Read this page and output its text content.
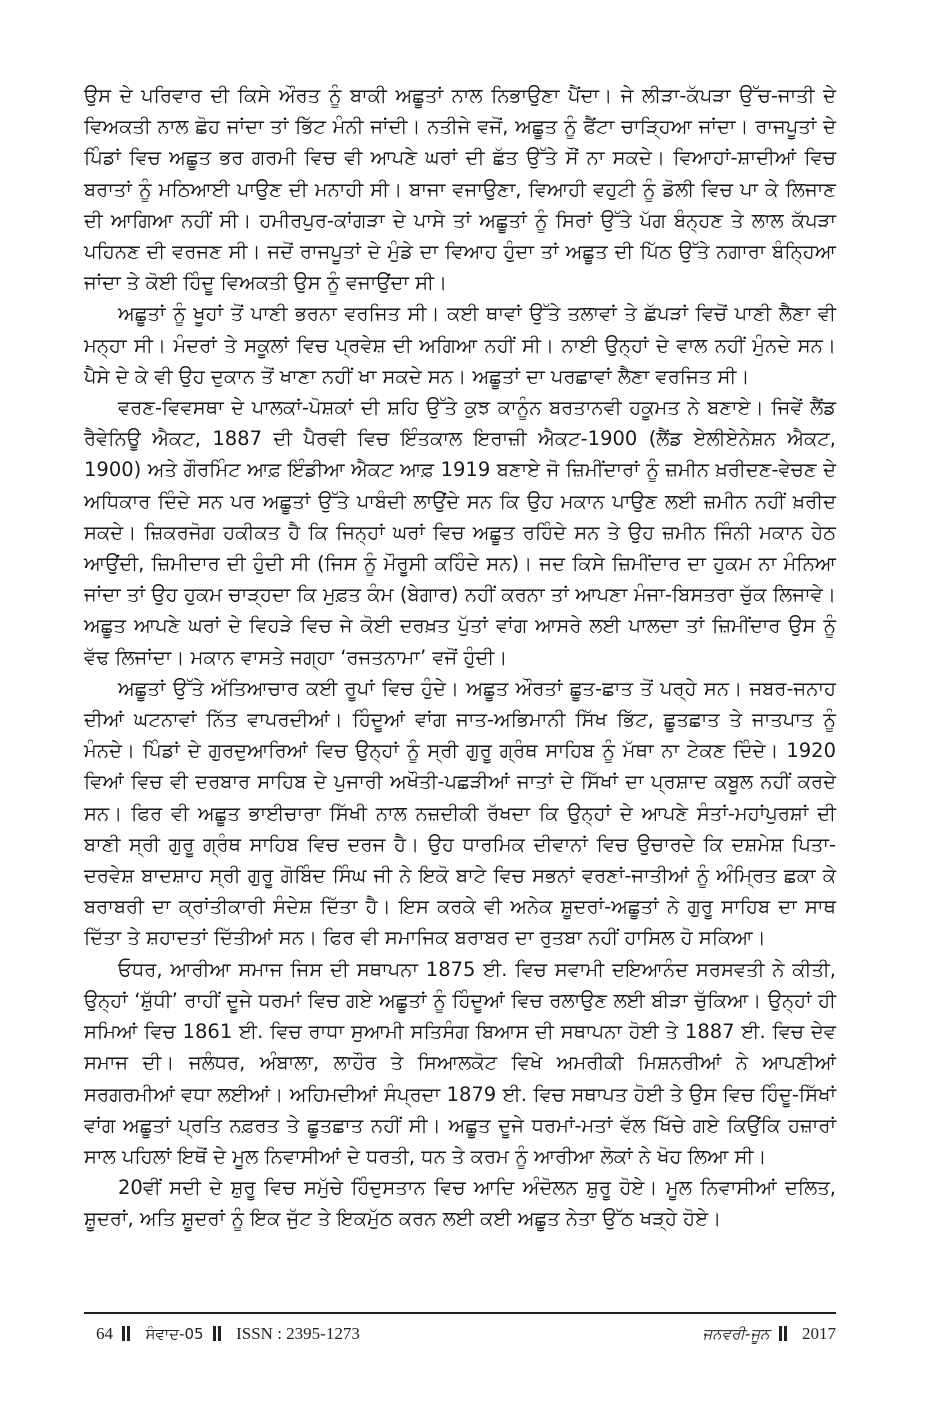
ਉਸ ਦੇ ਪਰਿਵਾਰ ਦੀ ਕਿਸੇ ਔਰਤ ਨੂੰ ਬਾਕੀ ਅਛੂਤਾਂ ਨਾਲ ਨਿਭਾਉਣਾ ਪੈਂਦਾ। ਜੇ ਲੀੜਾ-ਕੱਪੜਾ ਉੱਚ-ਜਾਤੀ ਦੇ ਵਿਅਕਤੀ ਨਾਲ ਛੋਹ ਜਾਂਦਾ ਤਾਂ ਭਿੱਟ ਮੰਨੀ ਜਾਂਦੀ। ਨਤੀਜੇ ਵਜੋਂ, ਅਛੂਤ ਨੂੰ ਫੈਂਟਾ ਚਾੜ੍ਹਿਆ ਜਾਂਦਾ। ਰਾਜਪੂਤਾਂ ਦੇ ਪਿੰਡਾਂ ਵਿਚ ਅਛੂਤ ਭਰ ਗਰਮੀ ਵਿਚ ਵੀ ਆਪਣੇ ਘਰਾਂ ਦੀ ਛੱਤ ਉੱਤੇ ਸੌਂ ਨਾ ਸਕਦੇ। ਵਿਆਹਾਂ-ਸ਼ਾਦੀਆਂ ਵਿਚ ਬਰਾਤਾਂ ਨੂੰ ਮਠਿਆਈ ਪਾਉਣ ਦੀ ਮਨਾਹੀ ਸੀ। ਬਾਜਾ ਵਜਾਉਣਾ, ਵਿਆਹੀ ਵਹੁਟੀ ਨੂੰ ਡੋਲੀ ਵਿਚ ਪਾ ਕੇ ਲਿਜਾਣ ਦੀ ਆਗਿਆ ਨਹੀਂ ਸੀ। ਹਮੀਰਪੁਰ-ਕਾਂਗੜਾ ਦੇ ਪਾਸੇ ਤਾਂ ਅਛੂਤਾਂ ਨੂੰ ਸਿਰਾਂ ਉੱਤੇ ਪੱਗ ਬੰਨ੍ਹਣ ਤੇ ਲਾਲ ਕੱਪੜਾ ਪਹਿਨਣ ਦੀ ਵਰਜਣ ਸੀ। ਜਦੋਂ ਰਾਜਪੂਤਾਂ ਦੇ ਮੁੰਡੇ ਦਾ ਵਿਆਹ ਹੁੰਦਾ ਤਾਂ ਅਛੂਤ ਦੀ ਪਿੱਠ ਉੱਤੇ ਨਗਾਰਾ ਬੰਨ੍ਹਿਆ ਜਾਂਦਾ ਤੇ ਕੋਈ ਹਿੰਦੂ ਵਿਅਕਤੀ ਉਸ ਨੂੰ ਵਜਾਉਂਦਾ ਸੀ।

ਅਛੂਤਾਂ ਨੂੰ ਖੂਹਾਂ ਤੋਂ ਪਾਣੀ ਭਰਨਾ ਵਰਜਿਤ ਸੀ। ਕਈ ਥਾਵਾਂ ਉੱਤੇ ਤਲਾਵਾਂ ਤੇ ਛੱਪੜਾਂ ਵਿਚੋਂ ਪਾਣੀ ਲੈਣਾ ਵੀ ਮਨ੍ਹਾ ਸੀ। ਮੰਦਰਾਂ ਤੇ ਸਕੂਲਾਂ ਵਿਚ ਪ੍ਰਵੇਸ਼ ਦੀ ਅਗਿਆ ਨਹੀਂ ਸੀ। ਨਾਈ ਉਨ੍ਹਾਂ ਦੇ ਵਾਲ ਨਹੀਂ ਮੁੰਨਦੇ ਸਨ। ਪੈਸੇ ਦੇ ਕੇ ਵੀ ਉਹ ਦੁਕਾਨ ਤੋਂ ਖਾਣਾ ਨਹੀਂ ਖਾ ਸਕਦੇ ਸਨ। ਅਛੂਤਾਂ ਦਾ ਪਰਛਾਵਾਂ ਲੈਣਾ ਵਰਜਿਤ ਸੀ।

ਵਰਣ-ਵਿਵਸਥਾ ਦੇ ਪਾਲਕਾਂ-ਪੋਸ਼ਕਾਂ ਦੀ ਸ਼ਹਿ ਉੱਤੇ ਕੁਝ ਕਾਨੂੰਨ ਬਰਤਾਨਵੀ ਹਕੂਮਤ ਨੇ ਬਣਾਏ। ਜਿਵੇਂ ਲੈਂਡ ਰੈਵੇਨਿਊ ਐਕਟ, 1887 ਦੀ ਪੈਰਵੀ ਵਿਚ ਇੰਤਕਾਲ ਇਰਾਜ਼ੀ ਐਕਟ-1900 (ਲੈਂਡ ਏਲੀਏਨੇਸ਼ਨ ਐਕਟ, 1900) ਅਤੇ ਗੌਰਮਿੰਟ ਆਫ਼ ਇੰਡੀਆ ਐਕਟ ਆਫ਼ 1919 ਬਣਾਏ ਜੋ ਜ਼ਿਮੀਂਦਾਰਾਂ ਨੂੰ ਜ਼ਮੀਨ ਖ਼ਰੀਦਣ-ਵੇਚਣ ਦੇ ਅਧਿਕਾਰ ਦਿੰਦੇ ਸਨ ਪਰ ਅਛੂਤਾਂ ਉੱਤੇ ਪਾਬੰਦੀ ਲਾਉਂਦੇ ਸਨ ਕਿ ਉਹ ਮਕਾਨ ਪਾਉਣ ਲਈ ਜ਼ਮੀਨ ਨਹੀਂ ਖ਼ਰੀਦ ਸਕਦੇ। ਜ਼ਿਕਰਜੋਗ ਹਕੀਕਤ ਹੈ ਕਿ ਜਿਨ੍ਹਾਂ ਘਰਾਂ ਵਿਚ ਅਛੂਤ ਰਹਿੰਦੇ ਸਨ ਤੇ ਉਹ ਜ਼ਮੀਨ ਜਿੰਨੀ ਮਕਾਨ ਹੇਠ ਆਉਂਦੀ, ਜ਼ਿਮੀਦਾਰ ਦੀ ਹੁੰਦੀ ਸੀ (ਜਿਸ ਨੂੰ ਮੌਰੂਸੀ ਕਹਿੰਦੇ ਸਨ)। ਜਦ ਕਿਸੇ ਜ਼ਿਮੀਂਦਾਰ ਦਾ ਹੁਕਮ ਨਾ ਮੰਨਿਆ ਜਾਂਦਾ ਤਾਂ ਉਹ ਹੁਕਮ ਚਾੜ੍ਹਦਾ ਕਿ ਮੁਫ਼ਤ ਕੰਮ (ਬੇਗਾਰ) ਨਹੀਂ ਕਰਨਾ ਤਾਂ ਆਪਣਾ ਮੰਜਾ-ਬਿਸਤਰਾ ਚੁੱਕ ਲਿਜਾਵੇ। ਅਛੂਤ ਆਪਣੇ ਘਰਾਂ ਦੇ ਵਿਹੜੇ ਵਿਚ ਜੇ ਕੋਈ ਦਰਖ਼ਤ ਪੁੱਤਾਂ ਵਾਂਗ ਆਸਰੇ ਲਈ ਪਾਲਦਾ ਤਾਂ ਜ਼ਿਮੀਂਦਾਰ ਉਸ ਨੂੰ ਵੱਢ ਲਿਜਾਂਦਾ। ਮਕਾਨ ਵਾਸਤੇ ਜਗ੍ਹਾ ‘ਰਜਤਨਾਮਾ’ ਵਜੋਂ ਹੁੰਦੀ।

ਅਛੂਤਾਂ ਉੱਤੇ ਅੱਤਿਆਚਾਰ ਕਈ ਰੂਪਾਂ ਵਿਚ ਹੁੰਦੇ। ਅਛੂਤ ਔਰਤਾਂ ਛੂਤ-ਛਾਤ ਤੋਂ ਪਰ੍ਹੇ ਸਨ। ਜਬਰ-ਜਨਾਹ ਦੀਆਂ ਘਟਨਾਵਾਂ ਨਿੱਤ ਵਾਪਰਦੀਆਂ। ਹਿੰਦੂਆਂ ਵਾਂਗ ਜਾਤ-ਅਭਿਮਾਨੀ ਸਿੱਖ ਭਿੱਟ, ਛੂਤਛਾਤ ਤੇ ਜਾਤਪਾਤ ਨੂੰ ਮੰਨਦੇ। ਪਿੰਡਾਂ ਦੇ ਗੁਰਦੁਆਰਿਆਂ ਵਿਚ ਉਨ੍ਹਾਂ ਨੂੰ ਸ੍ਰੀ ਗੁਰੂ ਗ੍ਰੰਥ ਸਾਹਿਬ ਨੂੰ ਮੱਥਾ ਨਾ ਟੇਕਣ ਦਿੰਦੇ। 1920 ਵਿਆਂ ਵਿਚ ਵੀ ਦਰਬਾਰ ਸਾਹਿਬ ਦੇ ਪੁਜਾਰੀ ਅਖੌਤੀ-ਪਛੜੀਆਂ ਜਾਤਾਂ ਦੇ ਸਿੱਖਾਂ ਦਾ ਪ੍ਰਸ਼ਾਦ ਕਬੂਲ ਨਹੀਂ ਕਰਦੇ ਸਨ। ਫਿਰ ਵੀ ਅਛੂਤ ਭਾਈਚਾਰਾ ਸਿੱਖੀ ਨਾਲ ਨਜ਼ਦੀਕੀ ਰੱਖਦਾ ਕਿ ਉਨ੍ਹਾਂ ਦੇ ਆਪਣੇ ਸੰਤਾਂ-ਮਹਾਂਪੁਰਸ਼ਾਂ ਦੀ ਬਾਣੀ ਸ੍ਰੀ ਗੁਰੂ ਗ੍ਰੰਥ ਸਾਹਿਬ ਵਿਚ ਦਰਜ ਹੈ। ਉਹ ਧਾਰਮਿਕ ਦੀਵਾਨਾਂ ਵਿਚ ਉਚਾਰਦੇ ਕਿ ਦਸ਼ਮੇਸ਼ ਪਿਤਾ-ਦਰਵੇਸ਼ ਬਾਦਸ਼ਾਹ ਸ੍ਰੀ ਗੁਰੂ ਗੋਬਿੰਦ ਸਿੰਘ ਜੀ ਨੇ ਇਕੋ ਬਾਟੇ ਵਿਚ ਸਭਨਾਂ ਵਰਣਾਂ-ਜਾਤੀਆਂ ਨੂੰ ਅੰਮ੍ਰਿਤ ਛਕਾ ਕੇ ਬਰਾਬਰੀ ਦਾ ਕ੍ਰਾਂਤੀਕਾਰੀ ਸੰਦੇਸ਼ ਦਿੱਤਾ ਹੈ। ਇਸ ਕਰਕੇ ਵੀ ਅਨੇਕ ਸ਼ੂਦਰਾਂ-ਅਛੂਤਾਂ ਨੇ ਗੁਰੂ ਸਾਹਿਬ ਦਾ ਸਾਥ ਦਿੱਤਾ ਤੇ ਸ਼ਹਾਦਤਾਂ ਦਿੱਤੀਆਂ ਸਨ। ਫਿਰ ਵੀ ਸਮਾਜਿਕ ਬਰਾਬਰ ਦਾ ਰੁਤਬਾ ਨਹੀਂ ਹਾਸਿਲ ਹੋ ਸਕਿਆ।

ਓਧਰ, ਆਰੀਆ ਸਮਾਜ ਜਿਸ ਦੀ ਸਥਾਪਨਾ 1875 ਈ. ਵਿਚ ਸਵਾਮੀ ਦਇਆਨੰਦ ਸਰਸਵਤੀ ਨੇ ਕੀਤੀ, ਉਨ੍ਹਾਂ ‘ਸ਼ੁੱਧੀ’ ਰਾਹੀਂ ਦੂਜੇ ਧਰਮਾਂ ਵਿਚ ਗਏ ਅਛੂਤਾਂ ਨੂੰ ਹਿੰਦੂਆਂ ਵਿਚ ਰਲਾਉਣ ਲਈ ਬੀੜਾ ਚੁੱਕਿਆ। ਉਨ੍ਹਾਂ ਹੀ ਸਮਿਆਂ ਵਿਚ 1861 ਈ. ਵਿਚ ਰਾਧਾ ਸੁਆਮੀ ਸਤਿਸੰਗ ਬਿਆਸ ਦੀ ਸਥਾਪਨਾ ਹੋਈ ਤੇ 1887 ਈ. ਵਿਚ ਦੇਵ ਸਮਾਜ ਦੀ। ਜਲੰਧਰ, ਅੰਬਾਲਾ, ਲਾਹੌਰ ਤੇ ਸਿਆਲਕੋਟ ਵਿਖੇ ਅਮਰੀਕੀ ਮਿਸ਼ਨਰੀਆਂ ਨੇ ਆਪਣੀਆਂ ਸਰਗਰਮੀਆਂ ਵਧਾ ਲਈਆਂ। ਅਹਿਮਦੀਆਂ ਸੰਪ੍ਰਦਾ 1879 ਈ. ਵਿਚ ਸਥਾਪਤ ਹੋਈ ਤੇ ਉਸ ਵਿਚ ਹਿੰਦੂ-ਸਿੱਖਾਂ ਵਾਂਗ ਅਛੂਤਾਂ ਪ੍ਰਤਿ ਨਫ਼ਰਤ ਤੇ ਛੂਤਛਾਤ ਨਹੀਂ ਸੀ। ਅਛੂਤ ਦੂਜੇ ਧਰਮਾਂ-ਮਤਾਂ ਵੱਲ ਖਿੱਚੇ ਗਏ ਕਿਉਂਕਿ ਹਜ਼ਾਰਾਂ ਸਾਲ ਪਹਿਲਾਂ ਇਥੋਂ ਦੇ ਮੂਲ ਨਿਵਾਸੀਆਂ ਦੇ ਧਰਤੀ, ਧਨ ਤੇ ਕਰਮ ਨੂੰ ਆਰੀਆ ਲੋਕਾਂ ਨੇ ਖੋਹ ਲਿਆ ਸੀ।

20ਵੀਂ ਸਦੀ ਦੇ ਸ਼ੁਰੂ ਵਿਚ ਸਮੁੱਚੇ ਹਿੰਦੁਸਤਾਨ ਵਿਚ ਆਦਿ ਅੰਦੋਲਨ ਸ਼ੁਰੂ ਹੋਏ। ਮੂਲ ਨਿਵਾਸੀਆਂ ਦਲਿਤ, ਸ਼ੂਦਰਾਂ, ਅਤਿ ਸ਼ੂਦਰਾਂ ਨੂੰ ਇਕ ਜੁੱਟ ਤੇ ਇਕਮੁੱਠ ਕਰਨ ਲਈ ਕਈ ਅਛੂਤ ਨੇਤਾ ਉੱਠ ਖੜ੍ਹੇ ਹੋਏ।

64 ਸੰਵਾਦ-05 ISSN : 2395-1273	ਜਨਵਰੀ-ਜੂਨ 2017
